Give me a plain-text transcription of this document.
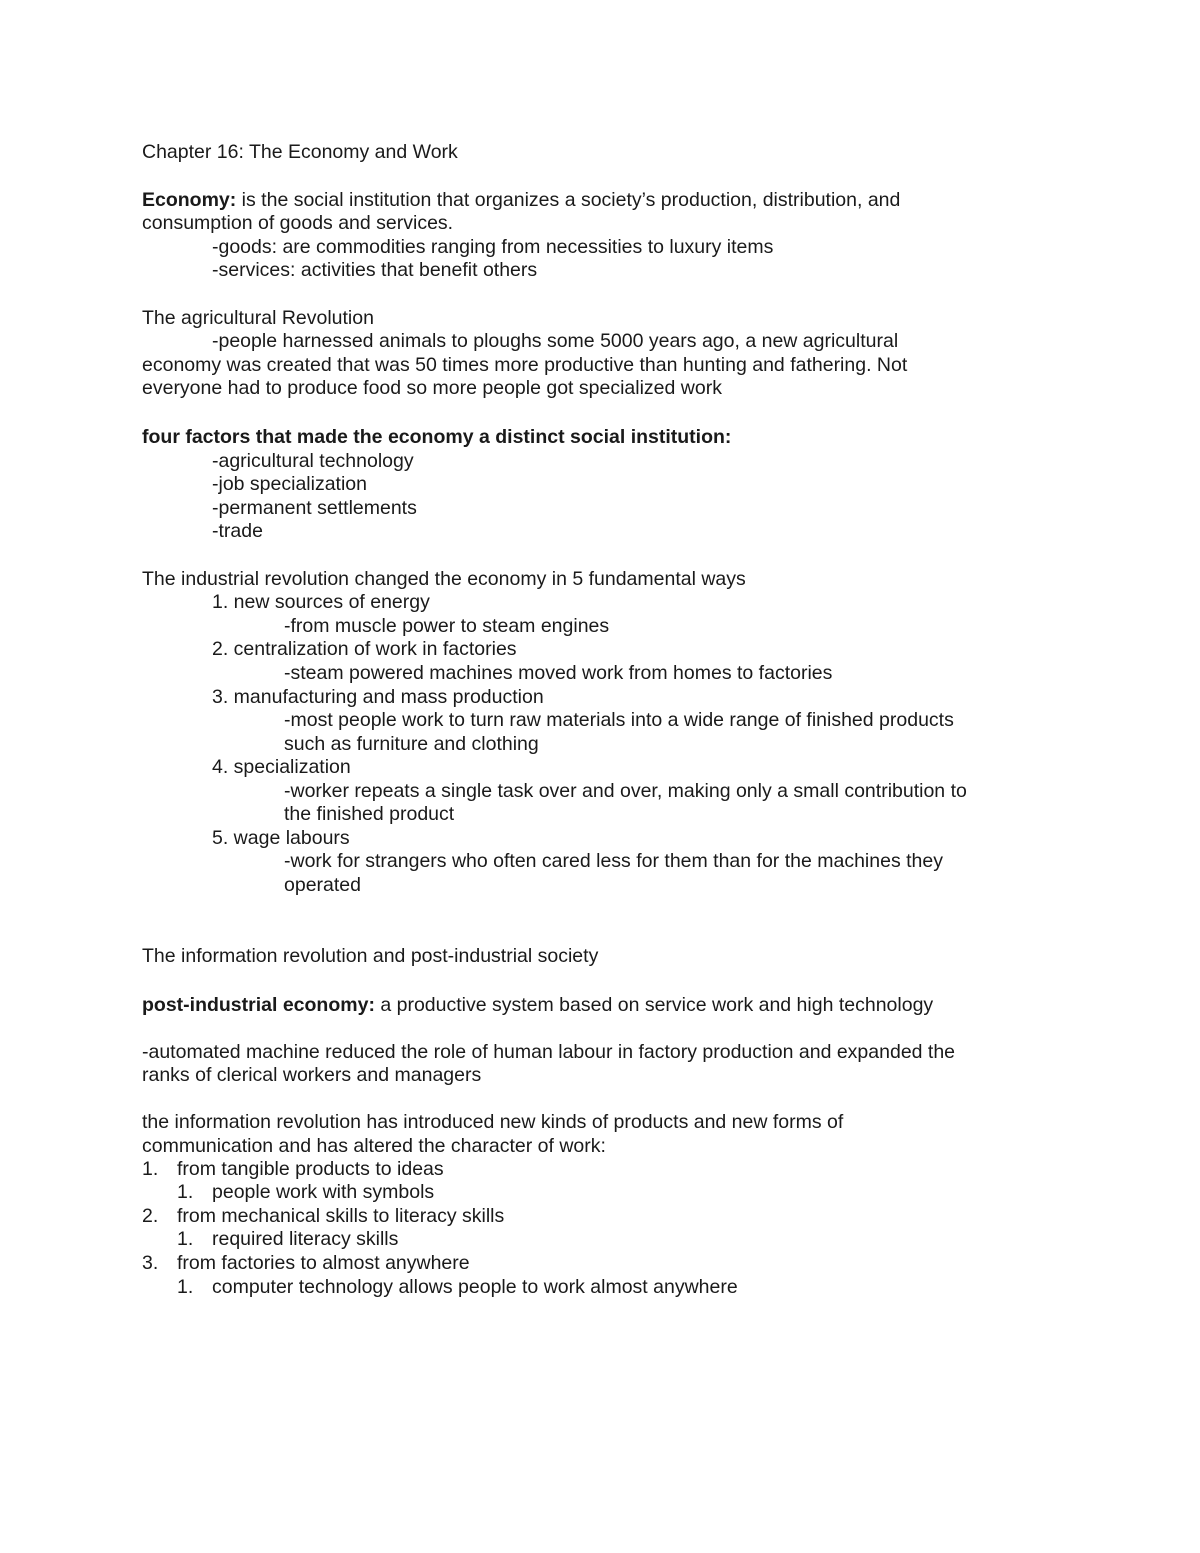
Chapter 16: The Economy and Work
Economy: is the social institution that organizes a society’s production, distribution, and
consumption of goods and services.
-goods: are commodities ranging from necessities to luxury items
-services: activities that benefit others
The agricultural Revolution
-people harnessed animals to ploughs some 5000 years ago, a new agricultural
economy was created that was 50 times more productive than hunting and fathering. Not
everyone had to produce food so more people got specialized work
four factors that made the economy a distinct social institution:
-agricultural technology
-job specialization
-permanent settlements
-trade
The industrial revolution changed the economy in 5 fundamental ways
1. new sources of energy
-from muscle power to steam engines
2. centralization of work in factories
-steam powered machines moved work from homes to factories
3. manufacturing and mass production
-most people work to turn raw materials into a wide range of finished products
such as furniture and clothing
4. specialization
-worker repeats a single task over and over, making only a small contribution to
the finished product
5. wage labours
-work for strangers who often cared less for them than for the machines they
operated
The information revolution and post-industrial society
post-industrial economy: a productive system based on service work and high technology
-automated machine reduced the role of human labour in factory production and expanded the
ranks of clerical workers and managers
the information revolution has introduced new kinds of products and new forms of
communication and has altered the character of work:
1. from tangible products to ideas
1. people work with symbols
2. from mechanical skills to literacy skills
1. required literacy skills
3. from factories to almost anywhere
1. computer technology allows people to work almost anywhere
